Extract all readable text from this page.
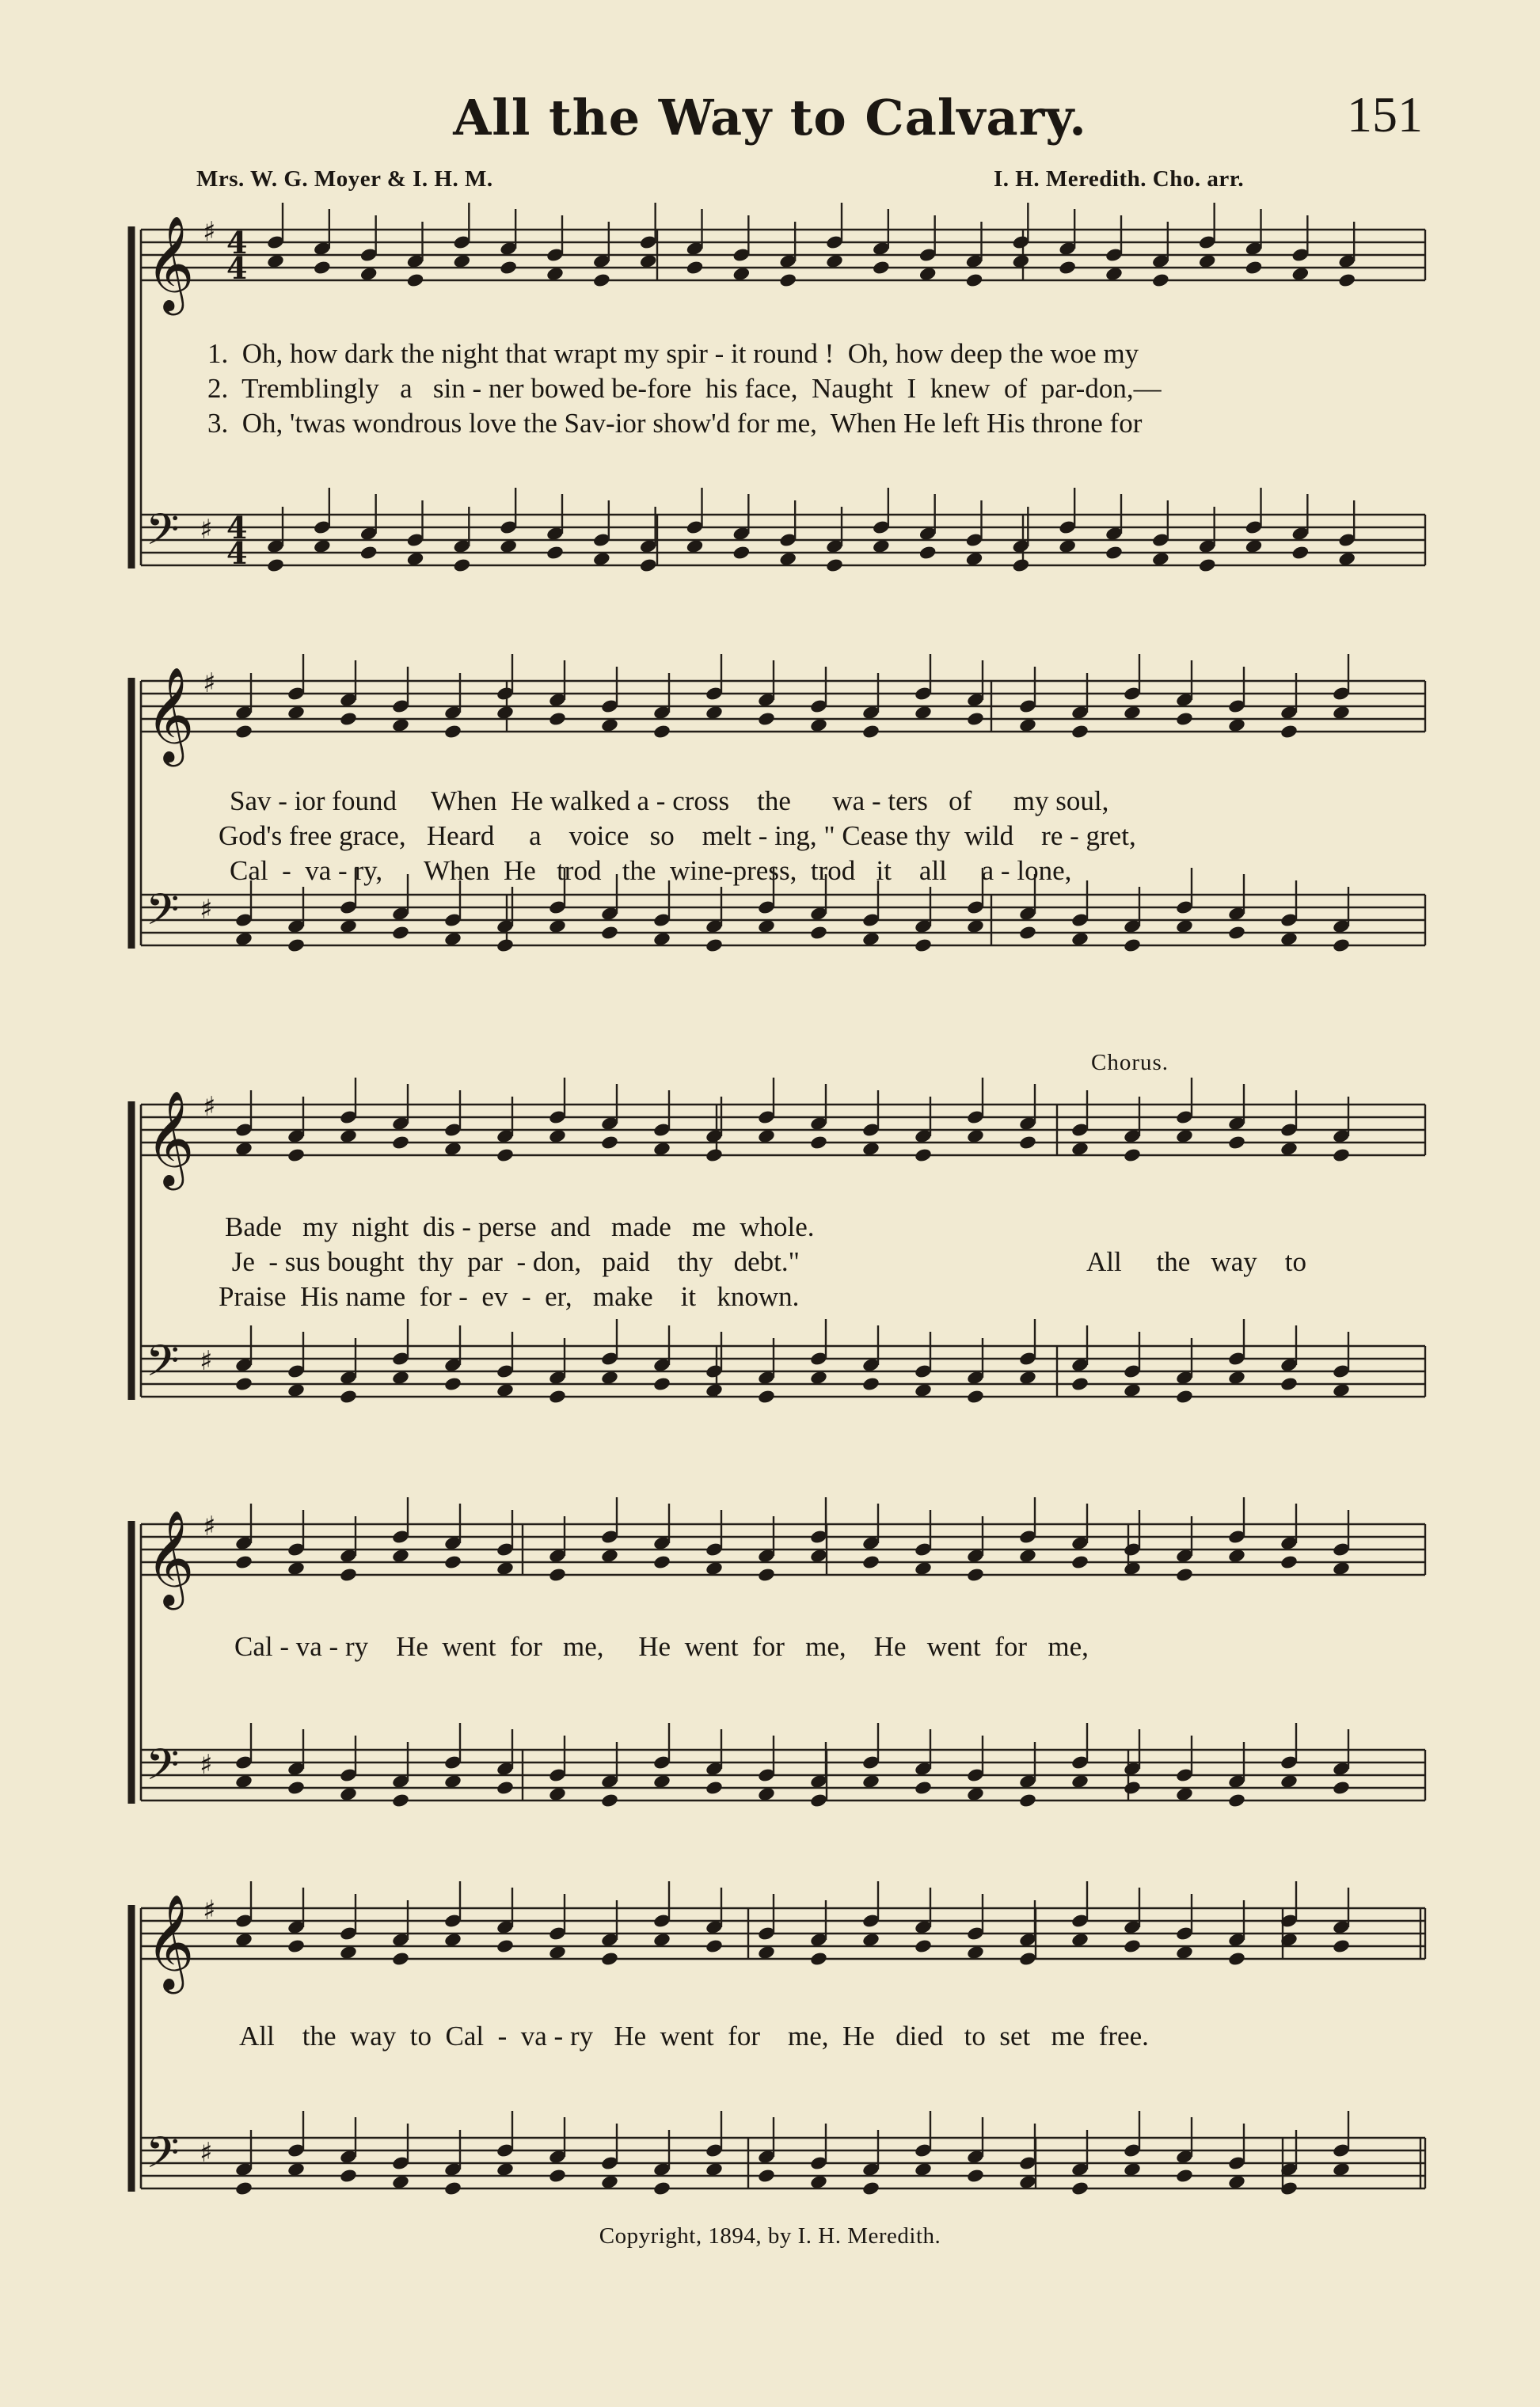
All the Way to Calvary.	151
Mrs. W. G. Moyer & I. H. M.	I. H. Meredith. Cho. arr.
𝄞 ♯ 4
4
𝄢 ♯ 4
4
𝄞 ♯
𝄢 ♯
𝄞 ♯
𝄢 ♯
𝄞 ♯
𝄢 ♯
𝄞 ♯
𝄢 ♯
1.  Oh, how dark the night that wrapt my spir - it round !  Oh, how deep the woe my
2.  Tremblingly   a   sin - ner bowed be-fore  his face,  Naught  I  knew  of  par-don,—
3.  Oh, 'twas wondrous love the Sav-ior show'd for me,  When He left His throne for
Sav - ior found     When  He walked a - cross    the      wa - ters   of      my soul,
God's free grace,   Heard     a    voice   so    melt - ing, " Cease thy  wild    re - gret,
Cal  -  va - ry,      When  He   trod   the  wine-press,  trod   it    all     a - lone,
Bade   my  night  dis - perse  and   made   me  whole.
Je  - sus bought  thy  par  - don,   paid    thy   debt."
Praise  His name  for -  ev  -  er,   make    it   known.
All     the   way    to
Chorus.
Cal - va - ry    He  went  for   me,     He  went  for   me,    He   went  for   me,
All    the  way  to  Cal  -  va - ry   He  went  for    me,  He   died   to  set   me  free.
Copyright, 1894, by I. H. Meredith.
